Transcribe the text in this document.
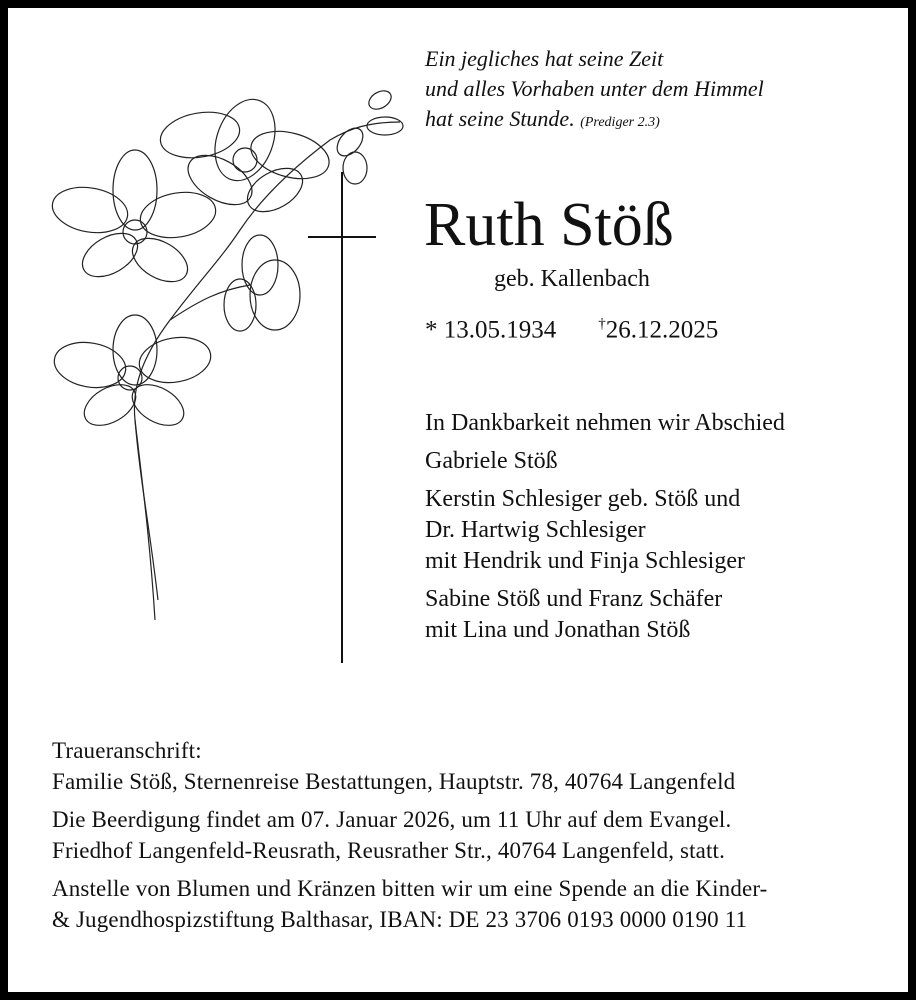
Ein jegliches hat seine Zeit
und alles Vorhaben unter dem Himmel
hat seine Stunde. (Prediger 2.3)
Ruth Stöß
geb. Kallenbach
* 13.05.1934	†26.12.2025
In Dankbarkeit nehmen wir Abschied
Gabriele Stöß
Kerstin Schlesiger geb. Stöß und
Dr. Hartwig Schlesiger
mit Hendrik und Finja Schlesiger
Sabine Stöß und Franz Schäfer
mit Lina und Jonathan Stöß
Traueranschrift:
Familie Stöß, Sternenreise Bestattungen, Hauptstr. 78, 40764 Langenfeld
Die Beerdigung findet am 07. Januar 2026, um 11 Uhr auf dem Evangel.
Friedhof Langenfeld-Reusrath, Reusrather Str., 40764 Langenfeld, statt.
Anstelle von Blumen und Kränzen bitten wir um eine Spende an die Kinder-
& Jugendhospizstiftung Balthasar, IBAN: DE 23 3706 0193 0000 0190 11
